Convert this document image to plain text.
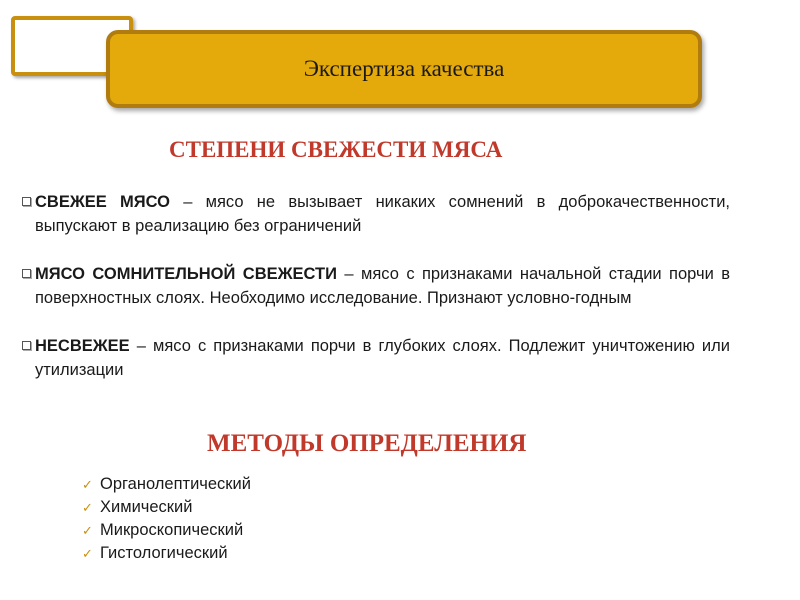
Экспертиза качества
СТЕПЕНИ СВЕЖЕСТИ МЯСА
СВЕЖЕЕ МЯСО – мясо не вызывает никаких сомнений в доброкачественности, выпускают в реализацию без ограничений
МЯСО СОМНИТЕЛЬНОЙ СВЕЖЕСТИ – мясо с признаками начальной стадии порчи в поверхностных слоях. Необходимо исследование. Признают условно-годным
НЕСВЕЖЕЕ – мясо с признаками порчи в глубоких слоях. Подлежит уничтожению или утилизации
МЕТОДЫ ОПРЕДЕЛЕНИЯ
✓ Органолептический
✓ Химический
✓ Микроскопический
✓ Гистологический
